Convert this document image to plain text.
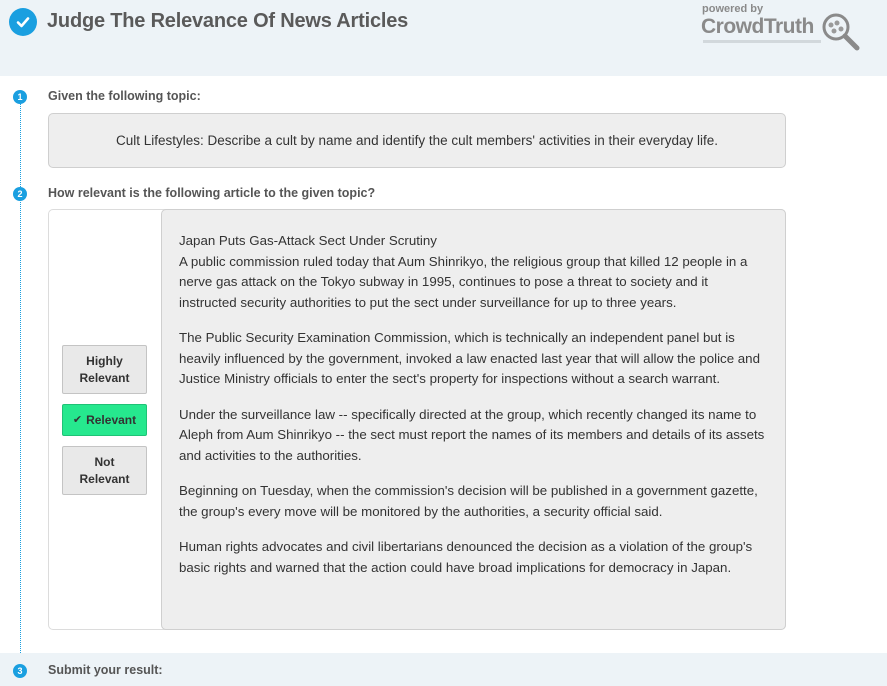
Judge The Relevance Of News Articles
powered by
CrowdTruth
1	Given the following topic:
Cult Lifestyles: Describe a cult by name and identify the cult members' activities in their everyday life.
2	How relevant is the following article to the given topic?
Highly
Relevant
✔ Relevant
Not
Relevant

Japan Puts Gas-Attack Sect Under Scrutiny

A public commission ruled today that Aum Shinrikyo, the religious group that killed 12 people in a nerve gas attack on the Tokyo subway in 1995, continues to pose a threat to society and it instructed security authorities to put the sect under surveillance for up to three years.

The Public Security Examination Commission, which is technically an independent panel but is heavily influenced by the government, invoked a law enacted last year that will allow the police and Justice Ministry officials to enter the sect's property for inspections without a search warrant.

Under the surveillance law -- specifically directed at the group, which recently changed its name to Aleph from Aum Shinrikyo -- the sect must report the names of its members and details of its assets and activities to the authorities.

Beginning on Tuesday, when the commission's decision will be published in a government gazette, the group's every move will be monitored by the authorities, a security official said.

Human rights advocates and civil libertarians denounced the decision as a violation of the group's basic rights and warned that the action could have broad implications for democracy in Japan.

3	Submit your result:
